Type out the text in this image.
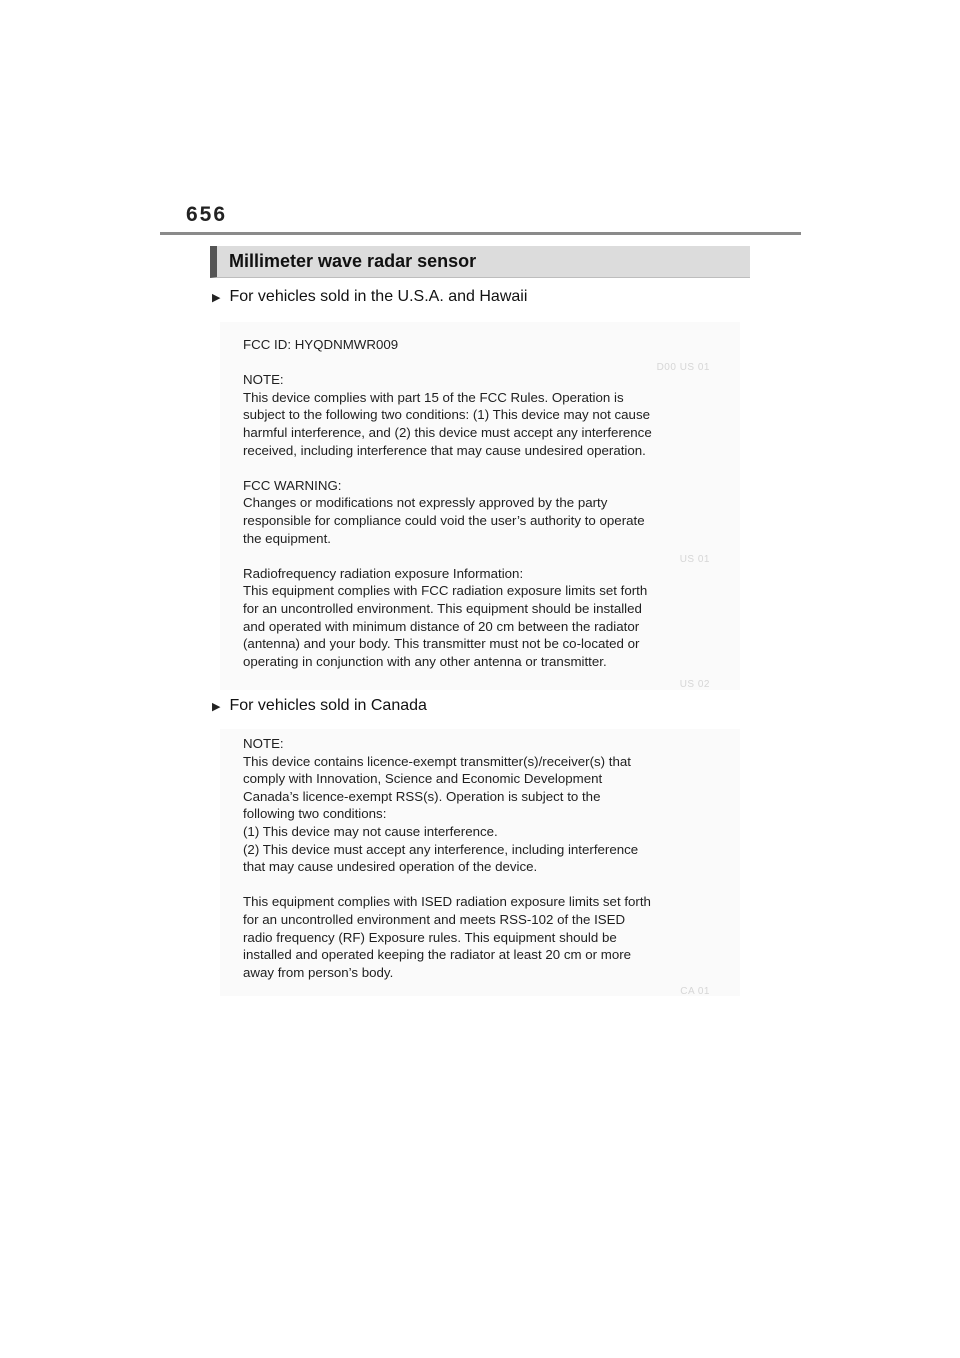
656
Millimeter wave radar sensor
▶ For vehicles sold in the U.S.A. and Hawaii

FCC ID: HYQDNMWR009

NOTE:

This device complies with part 15 of the FCC Rules. Operation is

subject to the following two conditions: (1) This device may not cause

harmful interference, and (2) this device must accept any interference

received, including interference that may cause undesired operation.

FCC WARNING:

Changes or modifications not expressly approved by the party

responsible for compliance could void the user’s authority to operate

the equipment.

Radiofrequency radiation exposure Information:

This equipment complies with FCC radiation exposure limits set forth

for an uncontrolled environment. This equipment should be installed

and operated with minimum distance of 20 cm between the radiator

(antenna) and your body. This transmitter must not be co-located or

operating in conjunction with any other antenna or transmitter.

D00 US 01
US 01
US 02
▶ For vehicles sold in Canada

NOTE:

This device contains licence-exempt transmitter(s)/receiver(s) that

comply with Innovation, Science and Economic Development

Canada’s licence-exempt RSS(s). Operation is subject to the

following two conditions:

(1) This device may not cause interference.

(2) This device must accept any interference, including interference

that may cause undesired operation of the device.

This equipment complies with ISED radiation exposure limits set forth

for an uncontrolled environment and meets RSS-102 of the ISED

radio frequency (RF) Exposure rules. This equipment should be

installed and operated keeping the radiator at least 20 cm or more

away from person’s body.

CA 01
